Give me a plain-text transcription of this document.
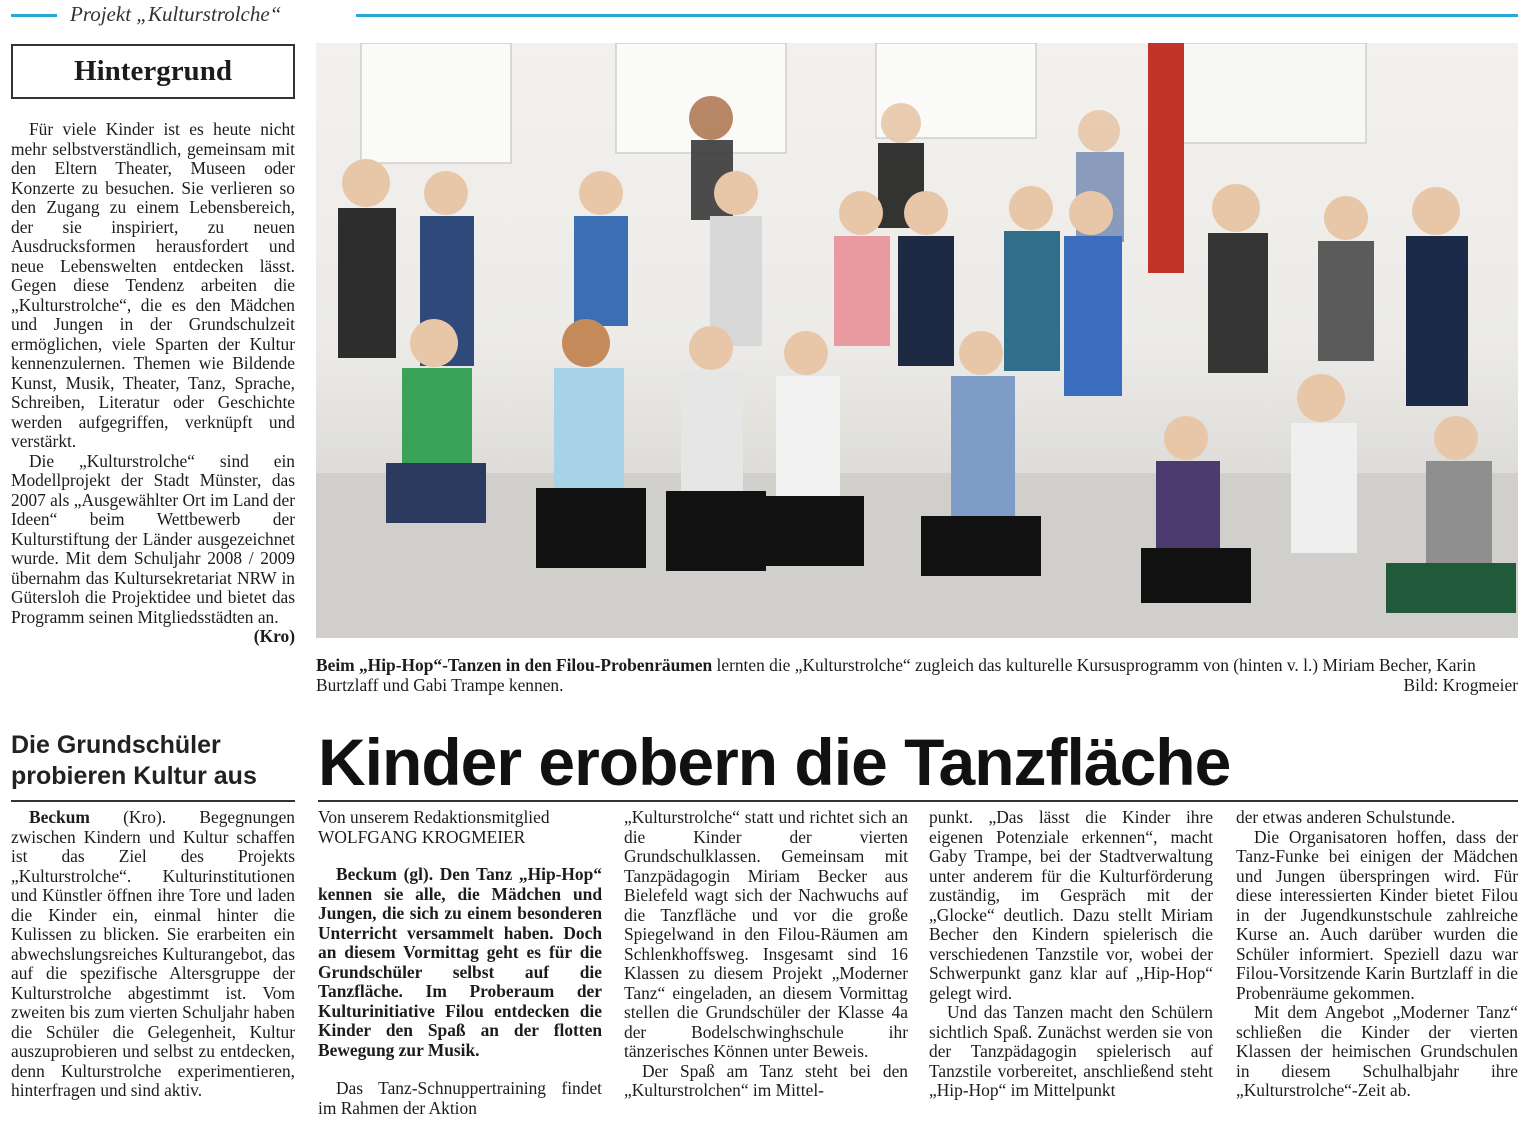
Projekt „Kulturstrolche“
Hintergrund

Für viele Kinder ist es heute nicht mehr selbstverständlich, gemeinsam mit den Eltern Theater, Museen oder Konzerte zu besuchen. Sie verlieren so den Zugang zu einem Lebensbereich, der sie inspiriert, zu neuen Ausdrucksformen herausfordert und neue Lebenswelten entdecken lässt. Gegen diese Tendenz arbeiten die „Kulturstrolche“, die es den Mädchen und Jungen in der Grundschulzeit ermöglichen, viele Sparten der Kultur kennenzulernen. Themen wie Bildende Kunst, Musik, Theater, Tanz, Sprache, Schreiben, Literatur oder Geschichte werden aufgegriffen, verknüpft und verstärkt.

Die „Kulturstrolche“ sind ein Modellprojekt der Stadt Münster, das 2007 als „Ausgewählter Ort im Land der Ideen“ beim Wettbewerb der Kulturstiftung der Länder ausgezeichnet wurde. Mit dem Schuljahr 2008 / 2009 übernahm das Kultursekretariat NRW in Gütersloh die Projektidee und bietet das Programm seinen Mitgliedsstädten an.
(Kro)

Beim „Hip-Hop“-Tanzen in den Filou-Probenräumen lernten die „Kulturstrolche“ zugleich das kulturelle Kursusprogramm von (hinten v. l.) Miriam Becher, Karin Burtzlaff und Gabi Trampe kennen.	Bild: Krogmeier
Die Grundschüler probieren Kultur aus Kinder erobern die Tanzfläche

Beckum (Kro). Begegnungen zwischen Kindern und Kultur schaffen ist das Ziel des Projekts „Kulturstrolche“. Kulturinstitutionen und Künstler öffnen ihre Tore und laden die Kinder ein, einmal hinter die Kulissen zu blicken. Sie erarbeiten ein abwechslungsreiches Kulturangebot, das auf die spezifische Altersgruppe der Kulturstrolche abgestimmt ist. Vom zweiten bis zum vierten Schuljahr haben die Schüler die Gelegenheit, Kultur auszuprobieren und selbst zu entdecken, denn Kulturstrolche experimentieren, hinterfragen und sind aktiv.

Von unserem Redaktionsmitglied

WOLFGANG KROGMEIER

Beckum (gl). Den Tanz „Hip-Hop“ kennen sie alle, die Mädchen und Jungen, die sich zu einem besonderen Unterricht versammelt haben. Doch an diesem Vormittag geht es für die Grundschüler selbst auf die Tanzfläche. Im Proberaum der Kulturinitiative Filou entdecken die Kinder den Spaß an der flotten Bewegung zur Musik.

Das Tanz-Schnuppertraining findet im Rahmen der Aktion

„Kulturstrolche“ statt und richtet sich an die Kinder der vierten Grundschulklassen. Gemeinsam mit Tanzpädagogin Miriam Becker aus Bielefeld wagt sich der Nachwuchs auf die Tanzfläche und vor die große Spiegelwand in den Filou-Räumen am Schlenkhoffsweg. Insgesamt sind 16 Klassen zu diesem Projekt „Moderner Tanz“ eingeladen, an diesem Vormittag stellen die Grundschüler der Klasse 4a der Bodelschwinghschule ihr tänzerisches Können unter Beweis.

Der Spaß am Tanz steht bei den „Kulturstrolchen“ im Mittel-

punkt. „Das lässt die Kinder ihre eigenen Potenziale erkennen“, macht Gaby Trampe, bei der Stadtverwaltung unter anderem für die Kulturförderung zuständig, im Gespräch mit der „Glocke“ deutlich. Dazu stellt Miriam Becher den Kindern spielerisch die verschiedenen Tanzstile vor, wobei der Schwerpunkt ganz klar auf „Hip-Hop“ gelegt wird.

Und das Tanzen macht den Schülern sichtlich Spaß. Zunächst werden sie von der Tanzpädagogin spielerisch auf Tanzstile vorbereitet, anschließend steht „Hip-Hop“ im Mittelpunkt

der etwas anderen Schulstunde.

Die Organisatoren hoffen, dass der Tanz-Funke bei einigen der Mädchen und Jungen überspringen wird. Für diese interessierten Kinder bietet Filou in der Jugendkunstschule zahlreiche Kurse an. Auch darüber wurden die Schüler informiert. Speziell dazu war Filou-Vorsitzende Karin Burtzlaff in die Probenräume gekommen.

Mit dem Angebot „Moderner Tanz“ schließen die Kinder der vierten Klassen der heimischen Grundschulen in diesem Schulhalbjahr ihre „Kulturstrolche“-Zeit ab.
